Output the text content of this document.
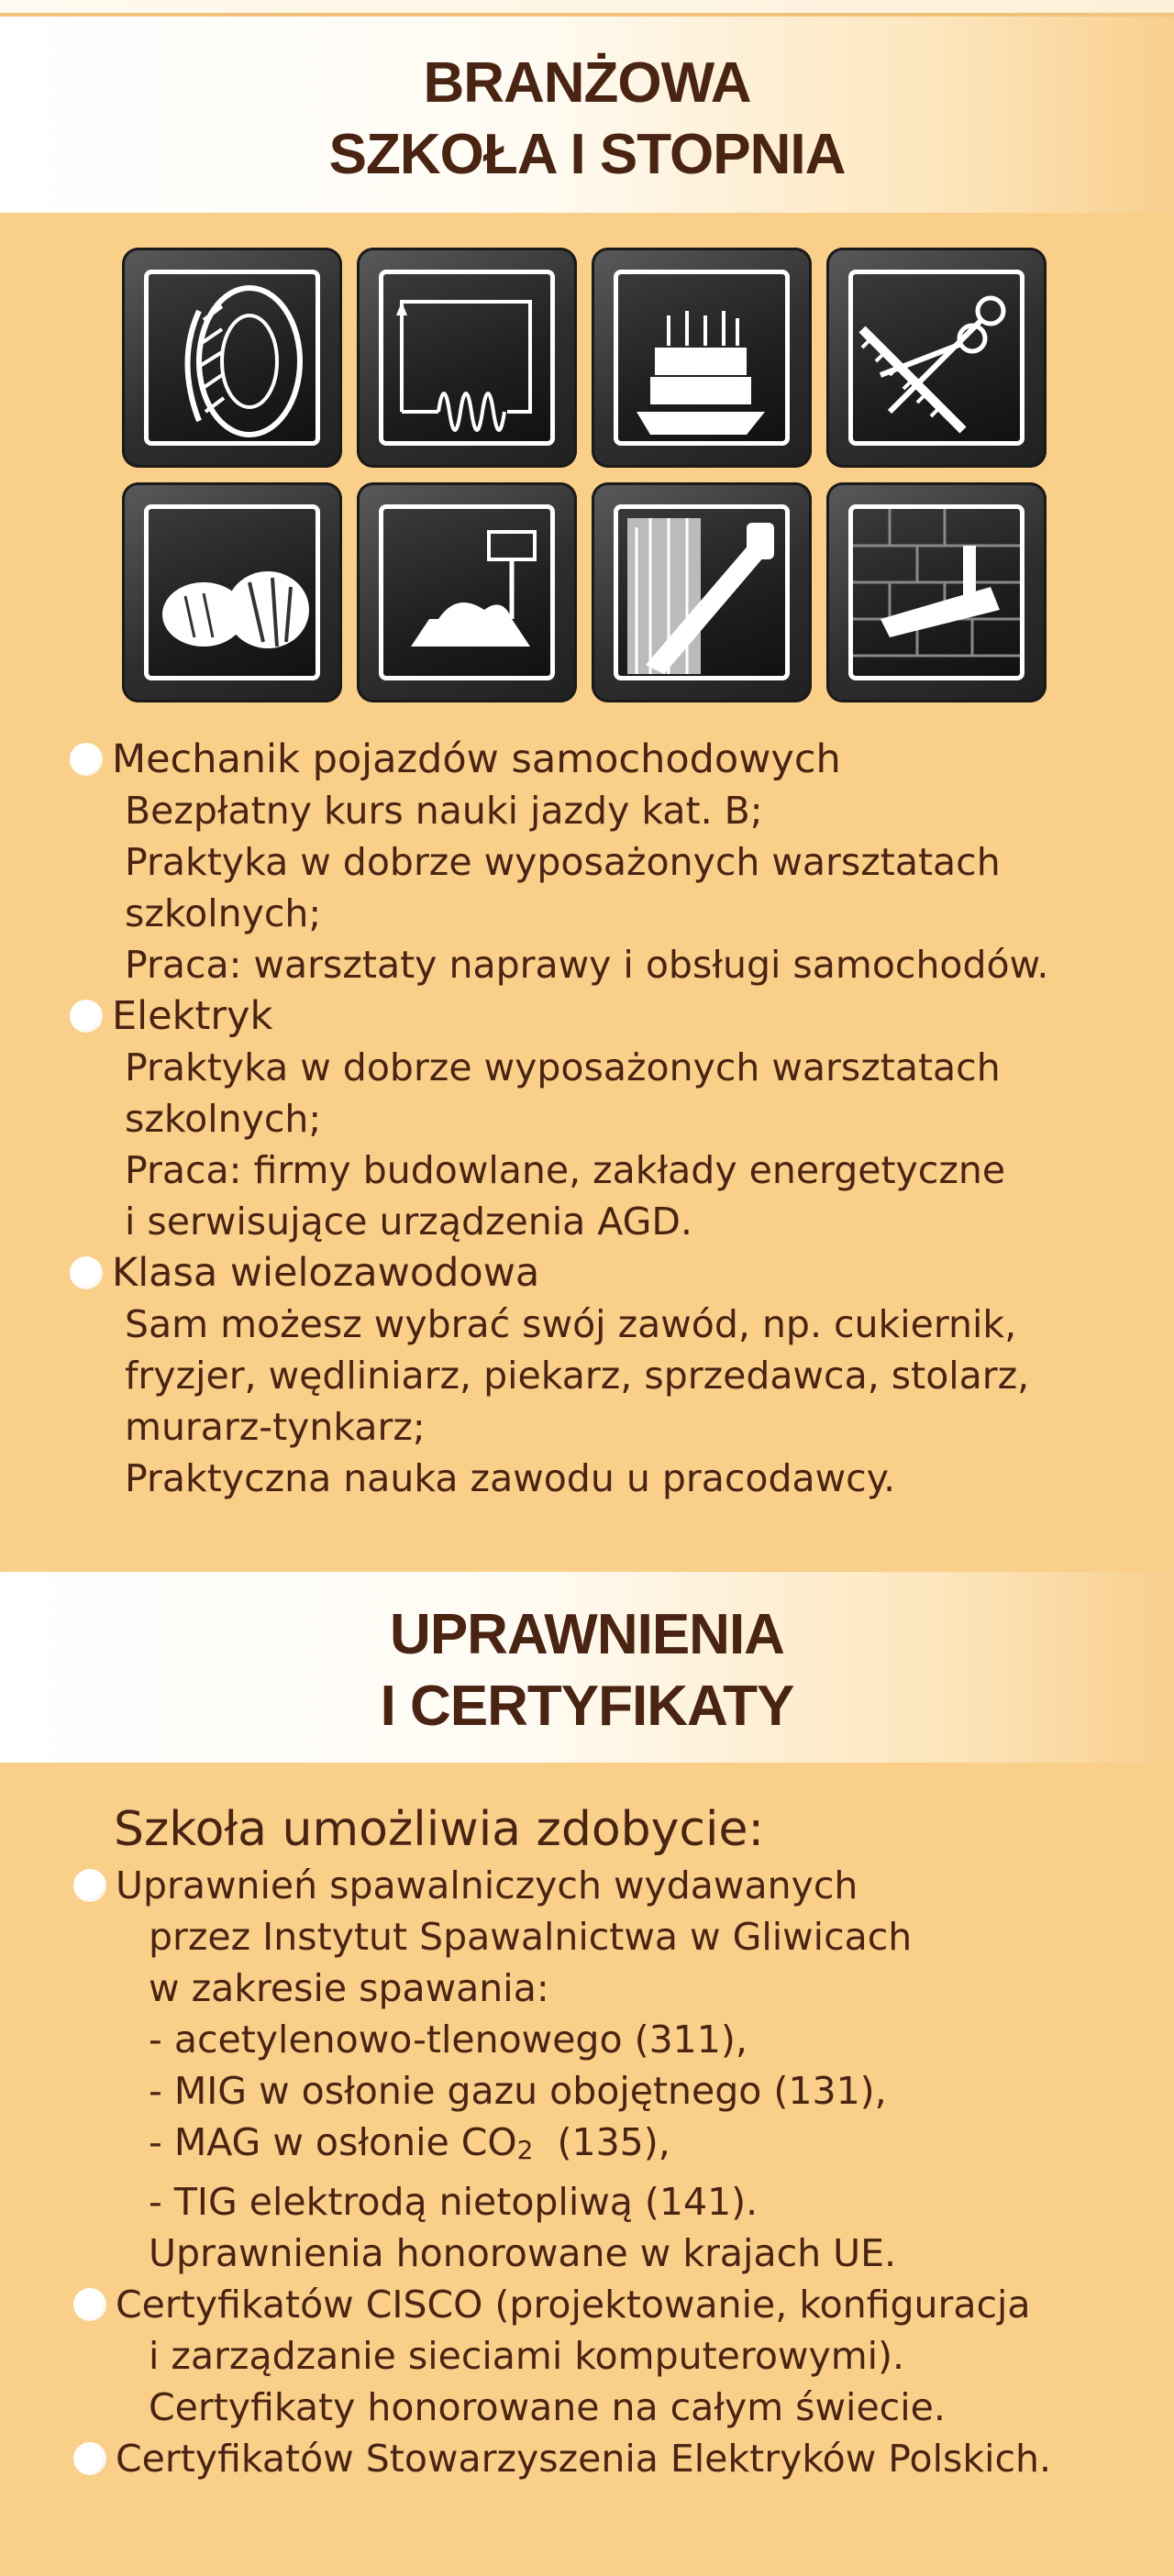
BRANŻOWA
SZKOŁA I STOPNIA
Mechanik pojazdów samochodowych
Bezpłatny kurs nauki jazdy kat. B;
Praktyka w dobrze wyposażonych warsztatach
szkolnych;
Praca: warsztaty naprawy i obsługi samochodów.
Elektryk
Praktyka w dobrze wyposażonych warsztatach
szkolnych;
Praca: firmy budowlane, zakłady energetyczne
i serwisujące urządzenia AGD.
Klasa wielozawodowa
Sam możesz wybrać swój zawód, np. cukiernik,
fryzjer, wędliniarz, piekarz, sprzedawca, stolarz,
murarz-tynkarz;
Praktyczna nauka zawodu u pracodawcy.
UPRAWNIENIA
I CERTYFIKATY
Szkoła umożliwia zdobycie:
Uprawnień spawalniczych wydawanych
przez Instytut Spawalnictwa w Gliwicach
w zakresie spawania:
- acetylenowo-tlenowego (311),
- MIG w osłonie gazu obojętnego (131),
- MAG w osłonie $CO_2$  (135),
- TIG elektrodą nietopliwą (141).
Uprawnienia honorowane w krajach UE.
Certyfikatów CISCO (projektowanie, konfiguracja
i zarządzanie sieciami komputerowymi).
Certyfikaty honorowane na całym świecie.
Certyfikatów Stowarzyszenia Elektryków Polskich.
